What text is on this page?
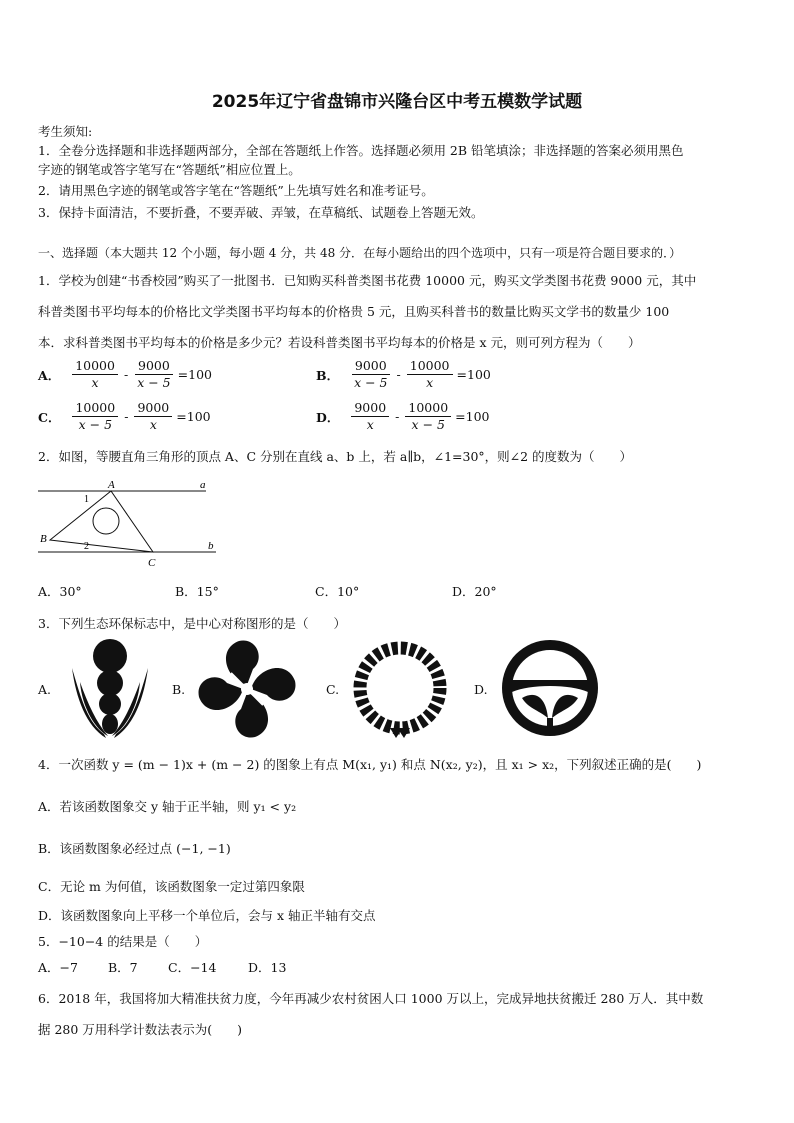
2025年辽宁省盘锦市兴隆台区中考五模数学试题
考生须知:
1．全卷分选择题和非选择题两部分，全部在答题纸上作答。选择题必须用 2B 铅笔填涂；非选择题的答案必须用黑色
字迹的钢笔或答字笔写在“答题纸”相应位置上。
2．请用黑色字迹的钢笔或答字笔在“答题纸”上先填写姓名和准考证号。
3．保持卡面清洁，不要折叠，不要弄破、弄皱，在草稿纸、试题卷上答题无效。
一、选择题（本大题共 12 个小题，每小题 4 分，共 48 分．在每小题给出的四个选项中，只有一项是符合题目要求的．）
1．学校为创建“书香校园”购买了一批图书．已知购买科普类图书花费 10000 元，购买文学类图书花费 9000 元，其中
科普类图书平均每本的价格比文学类图书平均每本的价格贵 5 元，且购买科普书的数量比购买文学书的数量少 100
本．求科普类图书平均每本的价格是多少元？若设科普类图书平均每本的价格是 x 元，则可列方程为（　　）
A． $\frac{10000}{x} - \frac{9000}{x - 5} =100$	B． $\frac{9000}{x - 5} - \frac{10000}{x} =100$
C． $\frac{10000}{x - 5} - \frac{9000}{x} =100$	D． $\frac{9000}{x} - \frac{10000}{x - 5} =100$
2．如图，等腰直角三角形的顶点 A、C 分别在直线 a、b 上，若 a∥b，∠1=30°，则∠2 的度数为（　　）
A
B
C
a
b
1
2
A．30°	B．15°	C．10°	D．20°
3．下列生态环保标志中，是中心对称图形的是（　　）
A.	B.	C.	D.
4．一次函数 y = (m − 1)x + (m − 2) 的图象上有点 M(x₁, y₁) 和点 N(x₂, y₂)，且 x₁ > x₂，下列叙述正确的是(　　)
A．若该函数图象交 y 轴于正半轴，则 y₁ < y₂
B．该函数图象必经过点 (−1, −1)
C．无论 m 为何值，该函数图象一定过第四象限
D．该函数图象向上平移一个单位后，会与 x 轴正半轴有交点
5．−10−4 的结果是（　　）
A．−7 B．7 C．−14	D．13
6．2018 年，我国将加大精准扶贫力度，今年再减少农村贫困人口 1000 万以上，完成异地扶贫搬迁 280 万人．其中数
据 280 万用科学计数法表示为(　　)
